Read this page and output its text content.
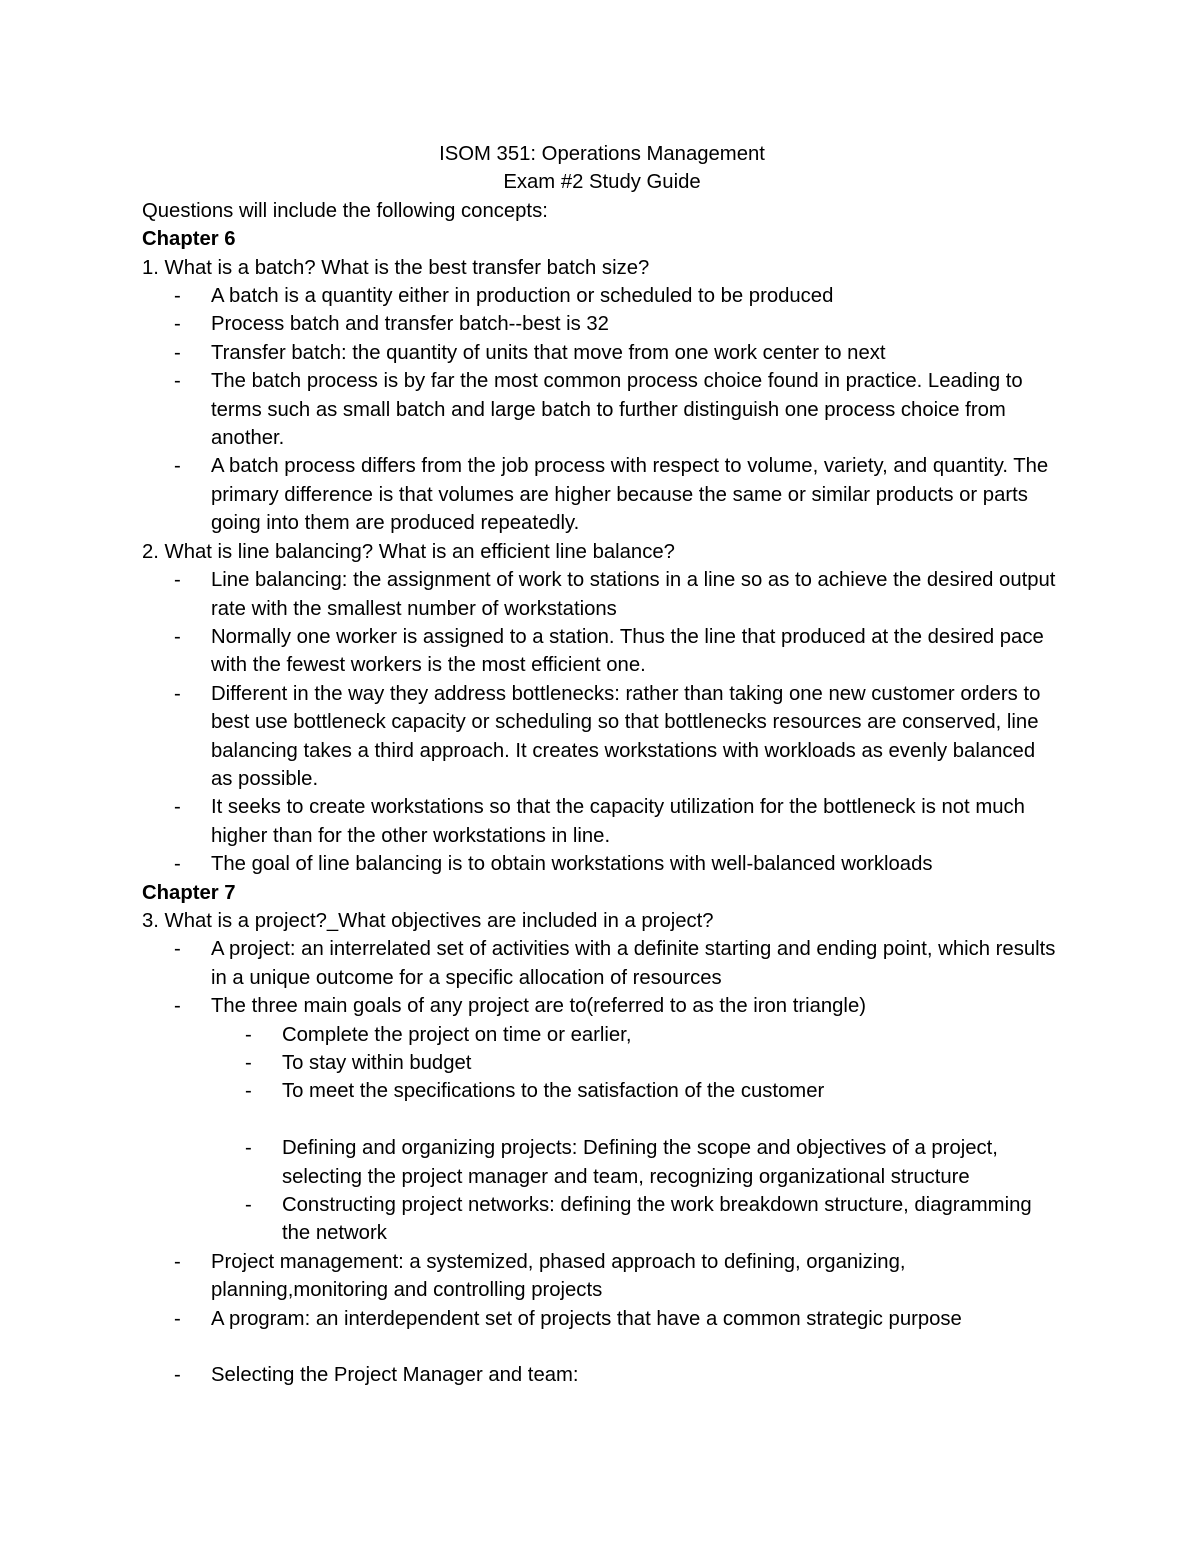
ISOM 351: Operations Management
Exam #2 Study Guide
Questions will include the following concepts:
Chapter 6
1. What is a batch? What is the best transfer batch size?
- A batch is a quantity either in production or scheduled to be produced
- Process batch and transfer batch--best is 32
- Transfer batch: the quantity of units that move from one work center to next
- The batch process is by far the most common process choice found in practice. Leading to terms such as small batch and large batch to further distinguish one process choice from another.
- A batch process differs from the job process with respect to volume, variety, and quantity. The primary difference is that volumes are higher because the same or similar products or parts going into them are produced repeatedly.
2. What is line balancing? What is an efficient line balance?
- Line balancing: the assignment of work to stations in a line so as to achieve the desired output rate with the smallest number of workstations
- Normally one worker is assigned to a station. Thus the line that produced at the desired pace with the fewest workers is the most efficient one.
- Different in the way they address bottlenecks: rather than taking one new customer orders to best use bottleneck capacity or scheduling so that bottlenecks resources are conserved, line balancing takes a third approach. It creates workstations with workloads as evenly balanced as possible.
- It seeks to create workstations so that the capacity utilization for the bottleneck is not much higher than for the other workstations in line.
- The goal of line balancing is to obtain workstations with well-balanced workloads
Chapter 7
3. What is a project?_What objectives are included in a project?
- A project: an interrelated set of activities with a definite starting and ending point, which results in a unique outcome for a specific allocation of resources
- The three main goals of any project are to(referred to as the iron triangle)
- Complete the project on time or earlier,
- To stay within budget
- To meet the specifications to the satisfaction of the customer
- Defining and organizing projects: Defining the scope and objectives of a project, selecting the project manager and team, recognizing organizational structure
- Constructing project networks: defining the work breakdown structure, diagramming the network
- Project management: a systemized, phased approach to defining, organizing, planning,monitoring and controlling projects
- A program: an interdependent set of projects that have a common strategic purpose
- Selecting the Project Manager and team:
